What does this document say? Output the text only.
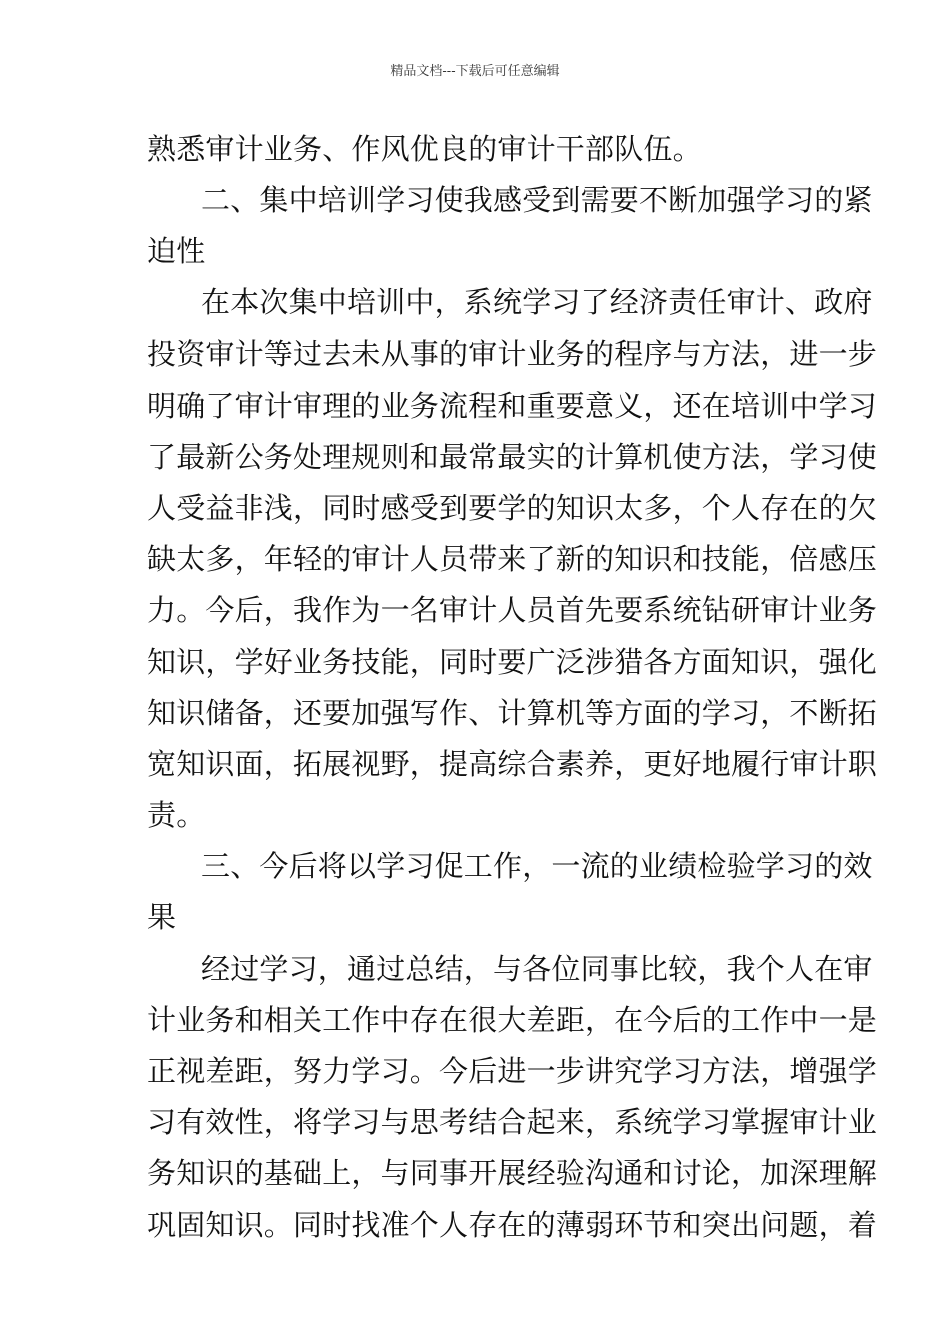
精品文档---下载后可任意编辑
熟悉审计业务、作风优良的审计干部队伍。
二、集中培训学习使我感受到需要不断加强学习的紧
迫性
在本次集中培训中，系统学习了经济责任审计、政府
投资审计等过去未从事的审计业务的程序与方法，进一步
明确了审计审理的业务流程和重要意义，还在培训中学习
了最新公务处理规则和最常最实的计算机使方法，学习使
人受益非浅，同时感受到要学的知识太多，个人存在的欠
缺太多，年轻的审计人员带来了新的知识和技能，倍感压
力。今后，我作为一名审计人员首先要系统钻研审计业务
知识，学好业务技能，同时要广泛涉猎各方面知识，强化
知识储备，还要加强写作、计算机等方面的学习，不断拓
宽知识面，拓展视野，提高综合素养，更好地履行审计职
责。
三、今后将以学习促工作，一流的业绩检验学习的效
果
经过学习，通过总结，与各位同事比较，我个人在审
计业务和相关工作中存在很大差距，在今后的工作中一是
正视差距，努力学习。今后进一步讲究学习方法，增强学
习有效性，将学习与思考结合起来，系统学习掌握审计业
务知识的基础上，与同事开展经验沟通和讨论，加深理解
巩固知识。同时找准个人存在的薄弱环节和突出问题，着
